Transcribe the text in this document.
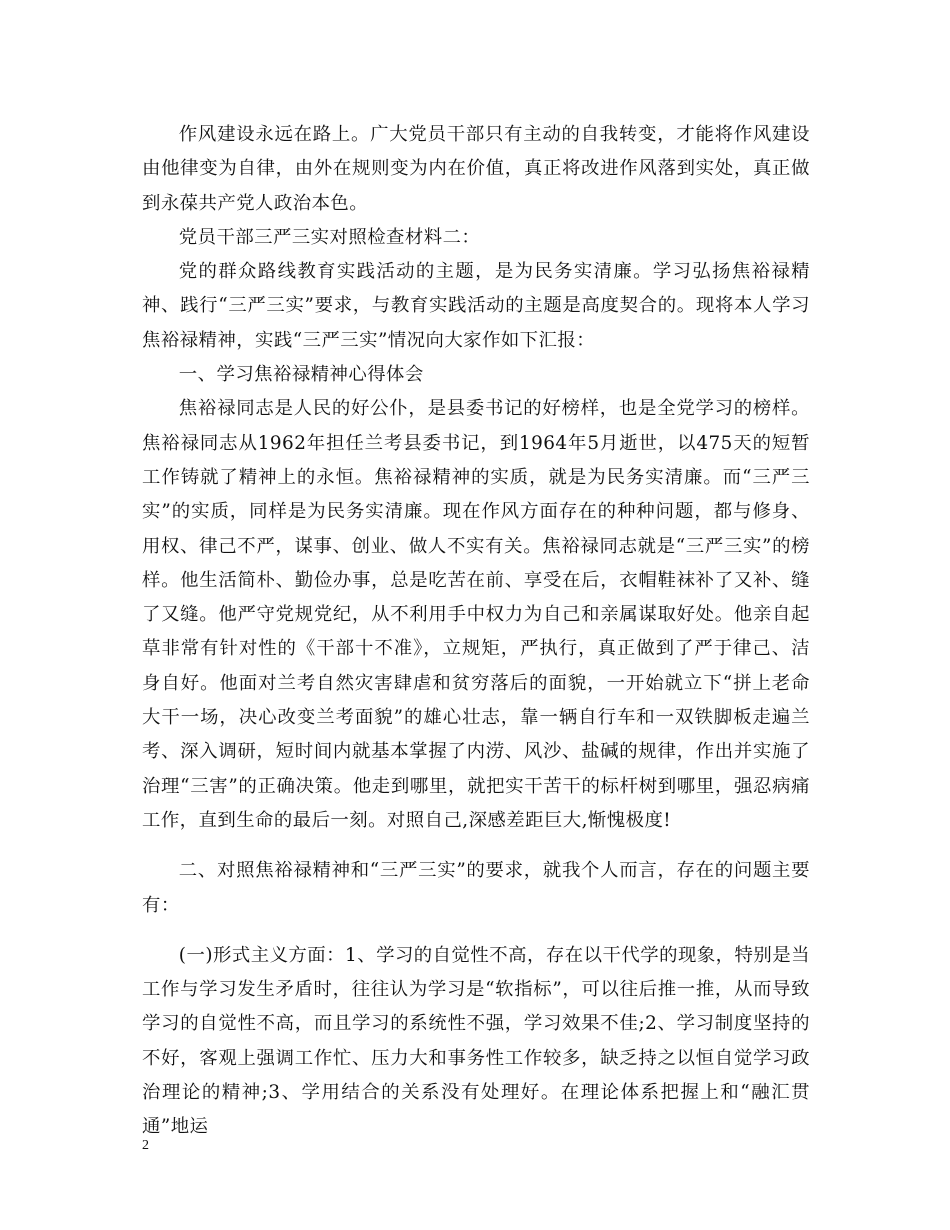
作风建设永远在路上。广大党员干部只有主动的自我转变，才能将作风建设由他律变为自律，由外在规则变为内在价值，真正将改进作风落到实处，真正做到永葆共产党人政治本色。

党员干部三严三实对照检查材料二：

党的群众路线教育实践活动的主题，是为民务实清廉。学习弘扬焦裕禄精神、践行“三严三实”要求，与教育实践活动的主题是高度契合的。现将本人学习焦裕禄精神，实践“三严三实”情况向大家作如下汇报：

一、学习焦裕禄精神心得体会

焦裕禄同志是人民的好公仆，是县委书记的好榜样，也是全党学习的榜样。焦裕禄同志从1962年担任兰考县委书记，到1964年5月逝世，以475天的短暂工作铸就了精神上的永恒。焦裕禄精神的实质，就是为民务实清廉。而“三严三实”的实质，同样是为民务实清廉。现在作风方面存在的种种问题，都与修身、用权、律己不严，谋事、创业、做人不实有关。焦裕禄同志就是“三严三实”的榜样。他生活简朴、勤俭办事，总是吃苦在前、享受在后，衣帽鞋袜补了又补、缝了又缝。他严守党规党纪，从不利用手中权力为自己和亲属谋取好处。他亲自起草非常有针对性的《干部十不准》，立规矩，严执行，真正做到了严于律己、洁身自好。他面对兰考自然灾害肆虐和贫穷落后的面貌，一开始就立下“拼上老命大干一场，决心改变兰考面貌”的雄心壮志，靠一辆自行车和一双铁脚板走遍兰考、深入调研，短时间内就基本掌握了内涝、风沙、盐碱的规律，作出并实施了治理“三害”的正确决策。他走到哪里，就把实干苦干的标杆树到哪里，强忍病痛工作，直到生命的最后一刻。对照自己,深感差距巨大,惭愧极度!

二、对照焦裕禄精神和“三严三实”的要求，就我个人而言，存在的问题主要有：

(一)形式主义方面：1、学习的自觉性不高，存在以干代学的现象，特别是当工作与学习发生矛盾时，往往认为学习是“软指标”，可以往后推一推，从而导致学习的自觉性不高，而且学习的系统性不强，学习效果不佳;2、学习制度坚持的不好，客观上强调工作忙、压力大和事务性工作较多，缺乏持之以恒自觉学习政治理论的精神;3、学用结合的关系没有处理好。在理论体系把握上和“融汇贯通”地运

2
